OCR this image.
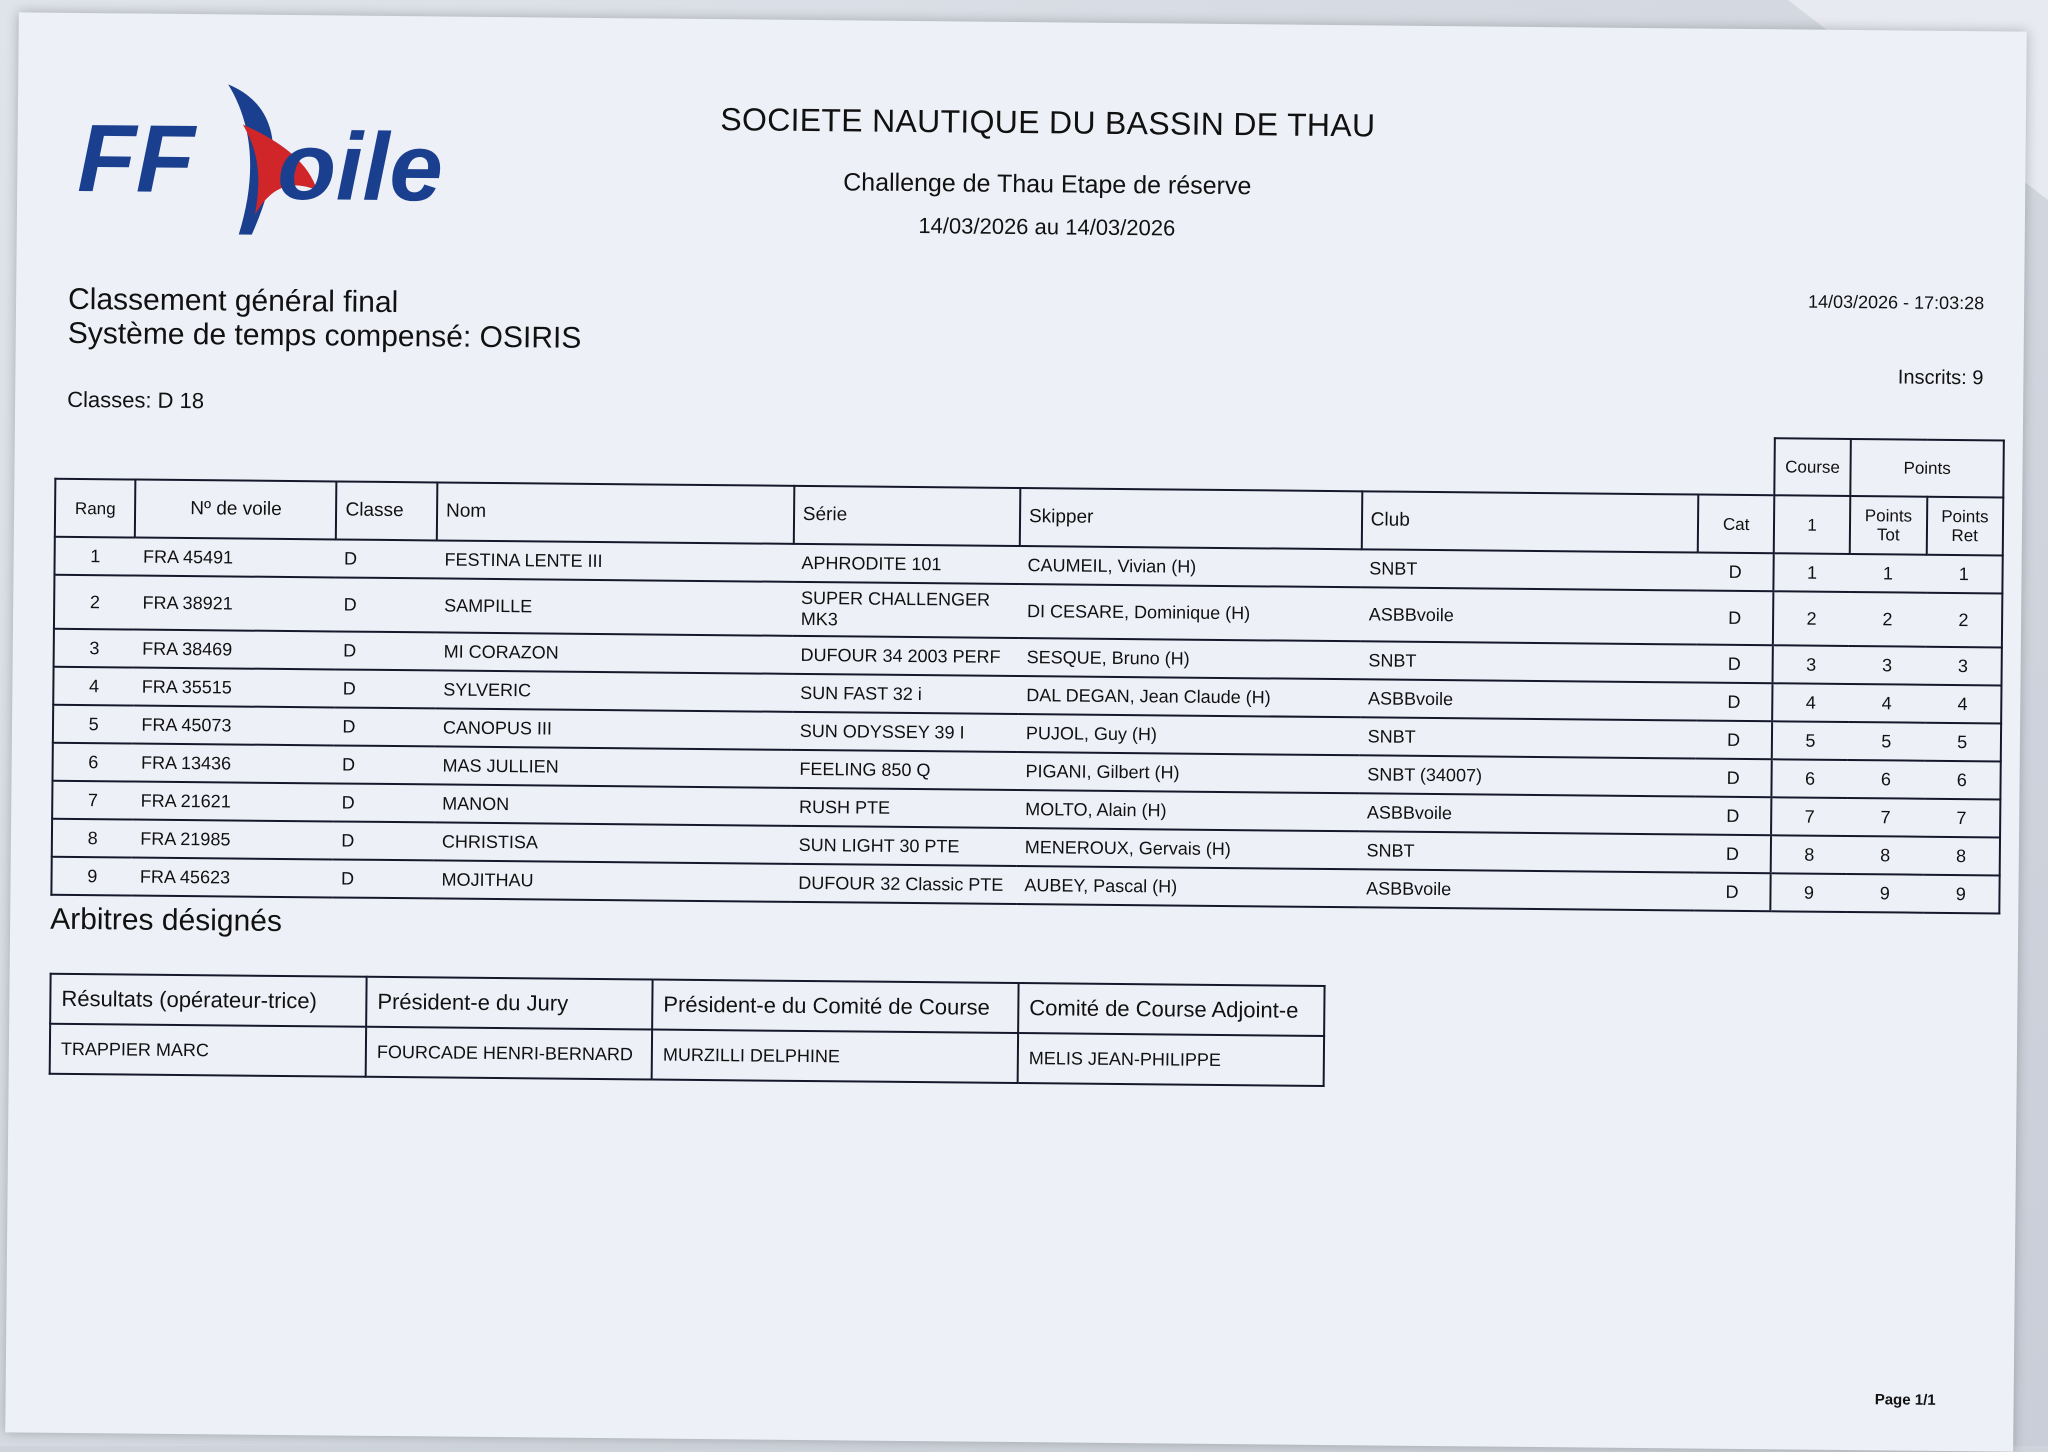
FF oile	SOCIETE NAUTIQUE DU BASSIN DE THAU
Challenge de Thau Etape de réserve
14/03/2026 au 14/03/2026
14/03/2026 - 17:03:28
Classement général final
Système de temps compensé: OSIRIS
Inscrits: 9
Classes: D 18
								Course	Points	
Rang	Nº de voile	Classe	Nom	Série	Skipper	Club	Cat	1	Points Tot	Points Ret
1	FRA 45491	D	FESTINA LENTE III	APHRODITE 101	CAUMEIL, Vivian (H)	SNBT	D	1	1	1
2	FRA 38921	D	SAMPILLE	SUPER CHALLENGER MK3	DI CESARE, Dominique (H)	ASBBvoile	D	2	2	2
3	FRA 38469	D	MI CORAZON	DUFOUR 34 2003 PERF	SESQUE, Bruno (H)	SNBT	D	3	3	3
4	FRA 35515	D	SYLVERIC	SUN FAST 32 i	DAL DEGAN, Jean Claude (H)	ASBBvoile	D	4	4	4
5	FRA 45073	D	CANOPUS III	SUN ODYSSEY 39 I	PUJOL, Guy (H)	SNBT	D	5	5	5
6	FRA 13436	D	MAS JULLIEN	FEELING 850 Q	PIGANI, Gilbert (H)	SNBT (34007)	D	6	6	6
7	FRA 21621	D	MANON	RUSH PTE	MOLTO, Alain (H)	ASBBvoile	D	7	7	7
8	FRA 21985	D	CHRISTISA	SUN LIGHT 30 PTE	MENEROUX, Gervais (H)	SNBT	D	8	8	8
9	FRA 45623	D	MOJITHAU	DUFOUR 32 Classic PTE	AUBEY, Pascal (H)	ASBBvoile	D	9	9	9
Arbitres désignés
Résultats (opérateur-trice)	Président-e du Jury	Président-e du Comité de Course	Comité de Course Adjoint-e
TRAPPIER MARC	FOURCADE HENRI-BERNARD	MURZILLI DELPHINE	MELIS JEAN-PHILIPPE
Page 1/1
